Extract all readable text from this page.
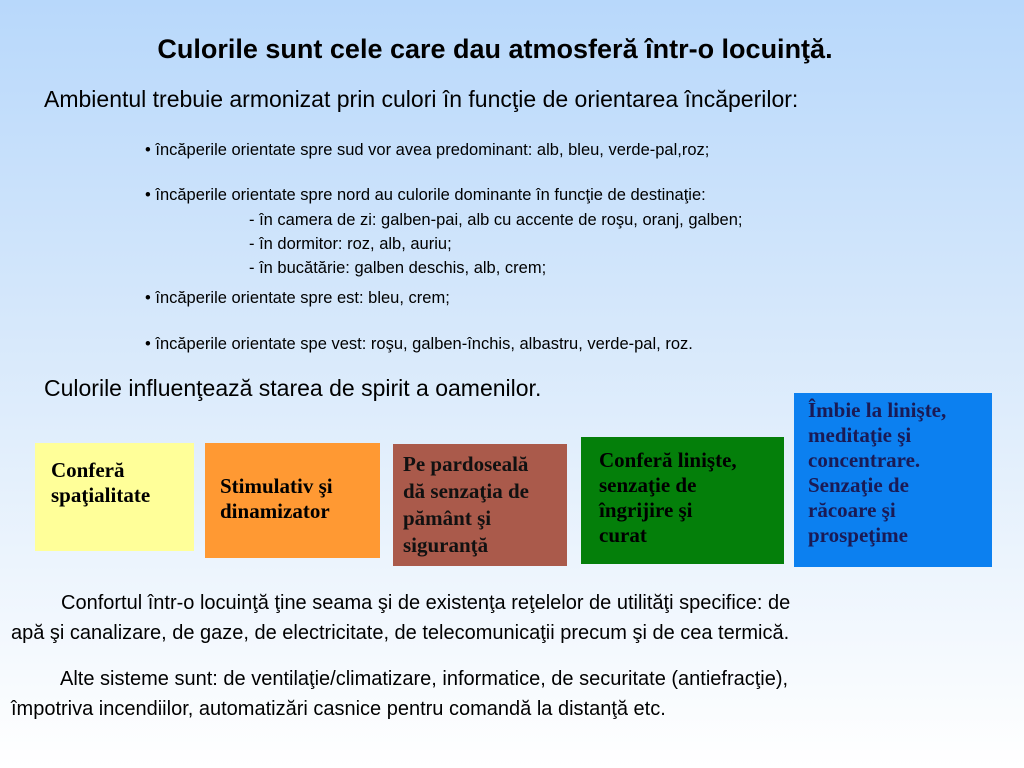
Culorile sunt cele care dau atmosferă într-o locuinţă.
Ambientul trebuie armonizat prin culori în funcţie de orientarea încăperilor:
• încăperile orientate spre sud vor avea predominant: alb, bleu, verde-pal,roz;
• încăperile orientate spre nord au culorile dominante în funcţie de destinaţie:
- în camera de zi: galben-pai, alb cu accente de roşu, oranj, galben;
- în dormitor: roz, alb, auriu;
- în bucătărie: galben deschis, alb, crem;
• încăperile orientate spre est: bleu, crem;
• încăperile orientate spe vest: roşu, galben-închis, albastru, verde-pal, roz.
Culorile influenţează starea de spirit a oamenilor.
Conferă
spaţialitate	Stimulativ şi
dinamizator
Pe pardoseală
dă senzaţia de
pământ şi
siguranţă
Conferă linişte,
senzaţie de
îngrijire şi
curat
Îmbie la linişte,
meditaţie şi
concentrare.
Senzaţie de
răcoare şi
prospeţime
Confortul într-o locuinţă ţine seama şi de existenţa reţelelor de utilităţi specifice: de
apă şi canalizare, de gaze, de electricitate, de telecomunicaţii precum şi de cea termică.
Alte sisteme sunt: de ventilaţie/climatizare, informatice, de securitate (antiefracţie),
împotriva incendiilor, automatizări casnice pentru comandă la distanţă etc.
